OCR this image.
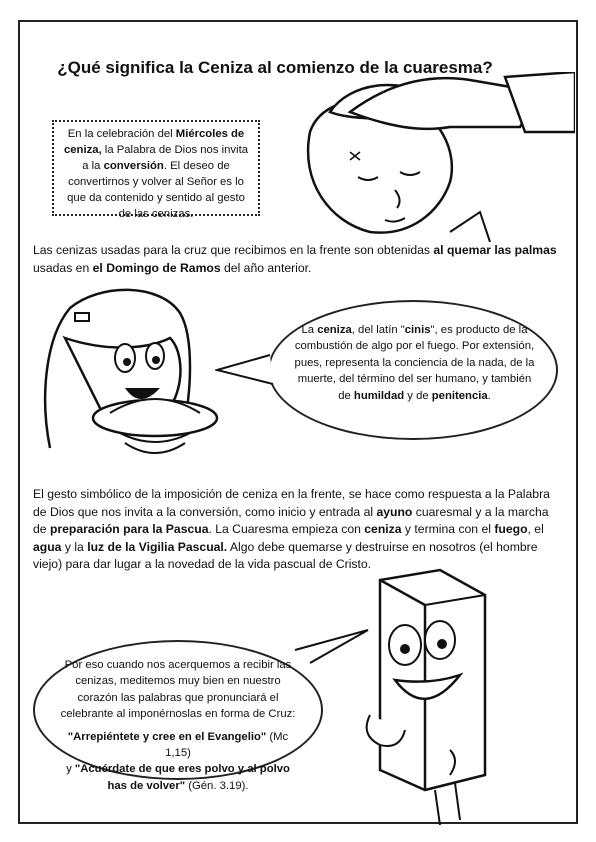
¿Qué significa la Ceniza al comienzo de la cuaresma?
En la celebración del Miércoles de ceniza, la Palabra de Dios nos invita a la conversión. El deseo de convertirnos y volver al Señor es lo que da contenido y sentido al gesto de las cenizas.
Las cenizas usadas para la cruz que recibimos en la frente son obtenidas al quemar las palmas usadas en el Domingo de Ramos del año anterior.
La ceniza, del latín "cinis", es producto de la combustión de algo por el fuego. Por extensión, pues, representa la conciencia de la nada, de la muerte, del término del ser humano, y también de humildad y de penitencia.
El gesto simbólico de la imposición de ceniza en la frente, se hace como respuesta a la Palabra de Dios que nos invita a la conversión, como inicio y entrada al ayuno cuaresmal y a la marcha de preparación para la Pascua. La Cuaresma empieza con ceniza y termina con el fuego, el agua y la luz de la Vigilia Pascual. Algo debe quemarse y destruirse en nosotros (el hombre viejo) para dar lugar a la novedad de la vida pascual de Cristo.
Por eso cuando nos acerquemos a recibir las cenizas, meditemos muy bien en nuestro corazón las palabras que pronunciará el celebrante al imponérnoslas en forma de Cruz:
"Arrepiéntete y cree en el Evangelio" (Mc 1,15)
y "Acuérdate de que eres polvo y al polvo has de volver" (Gén. 3.19).
